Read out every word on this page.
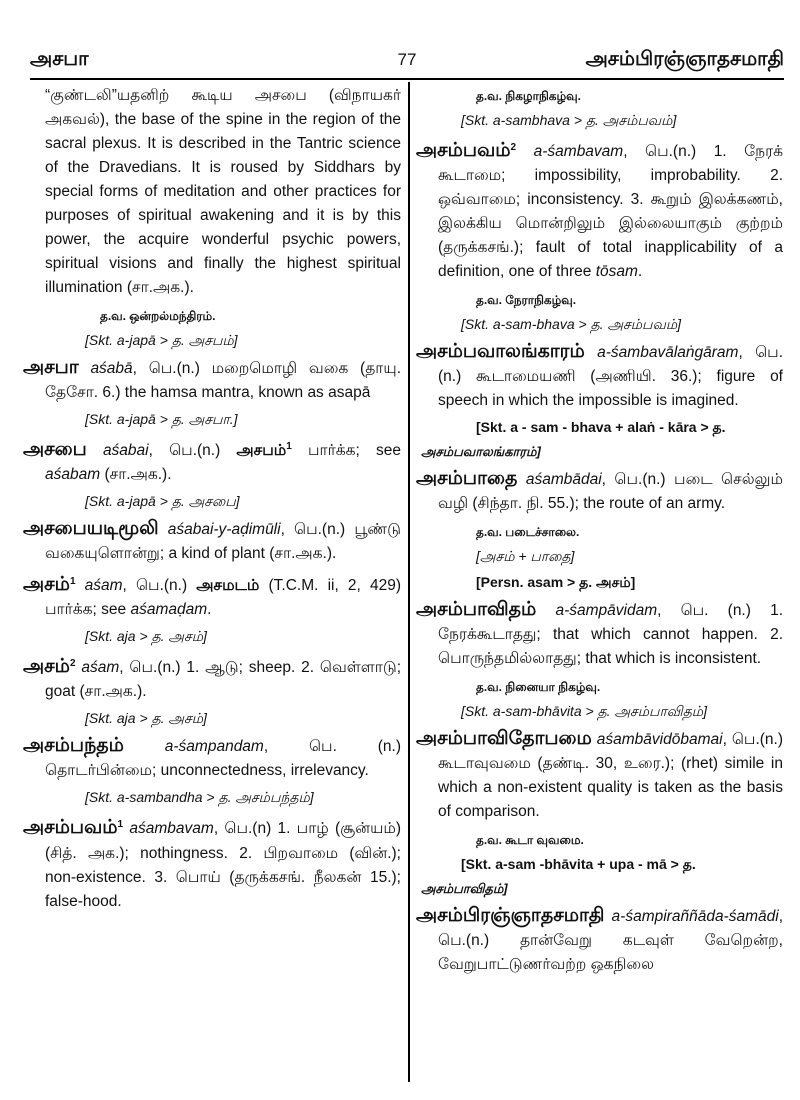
அசபா	77	அசம்பிரஞ்ஞாதசமாதி
“குண்டலி”யதனிற் கூடிய அசபை (விநாயகர் அகவல்), the base of the spine in the region of the sacral plexus. It is described in the Tantric science of the Dravedians. It is roused by Siddhars by special forms of meditation and other practices for purposes of spiritual awakening and it is by this power, the acquire wonderful psychic powers, spiritual visions and finally the highest spiritual illumination (சா.அக.).
த.வ. ஒன்றல்மந்திரம்.
[Skt. a-japā > த. அசபம்]
அசபா aśabā, பெ.(n.) மறைமொழி வகை (தாயு. தேசோ. 6.) the hamsa mantra, known as asapā
[Skt. a-japā > த. அசபா.]
அசபை aśabai, பெ.(n.) அசபம்$^1$ பார்க்க; see aśabam (சா.அக.).
[Skt. a-japā > த. அசபை]
அசபையடிமூலி aśabai-y-aḍimūli, பெ.(n.) பூண்டு வகையுளொன்று; a kind of plant (சா.அக.).
அசம்$^1$ aśam, பெ.(n.) அசமடம் (T.C.M. ii, 2, 429) பார்க்க; see aśamaḍam.
[Skt. aja > த. அசம்]
அசம்$^2$ aśam, பெ.(n.) 1. ஆடு; sheep. 2. வெள்ளாடு; goat (சா.அக.).
[Skt. aja > த. அசம்]
அசம்பந்தம்	a-śampandam, பெ. (n.) தொடர்பின்மை; unconnectedness, irrelevancy.
[Skt. a-sambandha > த. அசம்பந்தம்]
அசம்பவம்$^1$ aśambavam, பெ.(n) 1. பாழ் (சூன்யம்) (சித். அக.); nothingness. 2. பிறவாமை (வின்.); non-existence. 3. பொய் (தருக்கசங். நீலகன் 15.); false-hood.
த.வ. நிகழாநிகழ்வு.
[Skt. a-sambhava > த. அசம்பவம்]
அசம்பவம்$^2$ a-śambavam, பெ.(n.) 1. நேரக் கூடாமை; impossibility, improbability. 2. ஒவ்வாமை; inconsistency. 3. கூறும் இலக்கணம், இலக்கிய மொன்றிலும் இல்லையாகும் குற்றம் (தருக்கசங்.); fault of total inapplicability of a definition, one of three tōsam.
த.வ. நேராநிகழ்வு.
[Skt. a-sam-bhava > த. அசம்பவம்]
அசம்பவாலங்காரம் a-śambavālaṅgāram, பெ.(n.) கூடாமையணி (அணியி. 36.); figure of speech in which the impossible is imagined.
[Skt. a - sam - bhava + alaṅ - kāra > த.
அசம்பவாலங்காரம்]
அசம்பாதை aśambādai, பெ.(n.) படை செல்லும் வழி (சிந்தா. நி. 55.); the route of an army.
த.வ. படைச்சாலை.
[அசம் + பாதை]
[Persn. asam > த. அசம்]
அசம்பாவிதம் a-śampāvidam, பெ. (n.) 1. நேரக்கூடாதது; that which cannot happen. 2. பொருந்தமில்லாதது; that which is inconsistent.
த.வ. நினையா நிகழ்வு.
[Skt. a-sam-bhāvita > த. அசம்பாவிதம்]
அசம்பாவிதோபமை aśambāvidōbamai, பெ.(n.) கூடாவுவமை (தண்டி. 30, உரை.); (rhet) simile in which a non-existent quality is taken as the basis of comparison.
த.வ. கூடா வுவமை.
[Skt. a-sam -bhāvita + upa - mā > த.
அசம்பாவிதம்]
அசம்பிரஞ்ஞாதசமாதி a-śampiraññāda-śamādi, பெ.(n.) தான்வேறு கடவுள் வேறென்ற, வேறுபாட்டுணர்வற்ற ஒகநிலை
